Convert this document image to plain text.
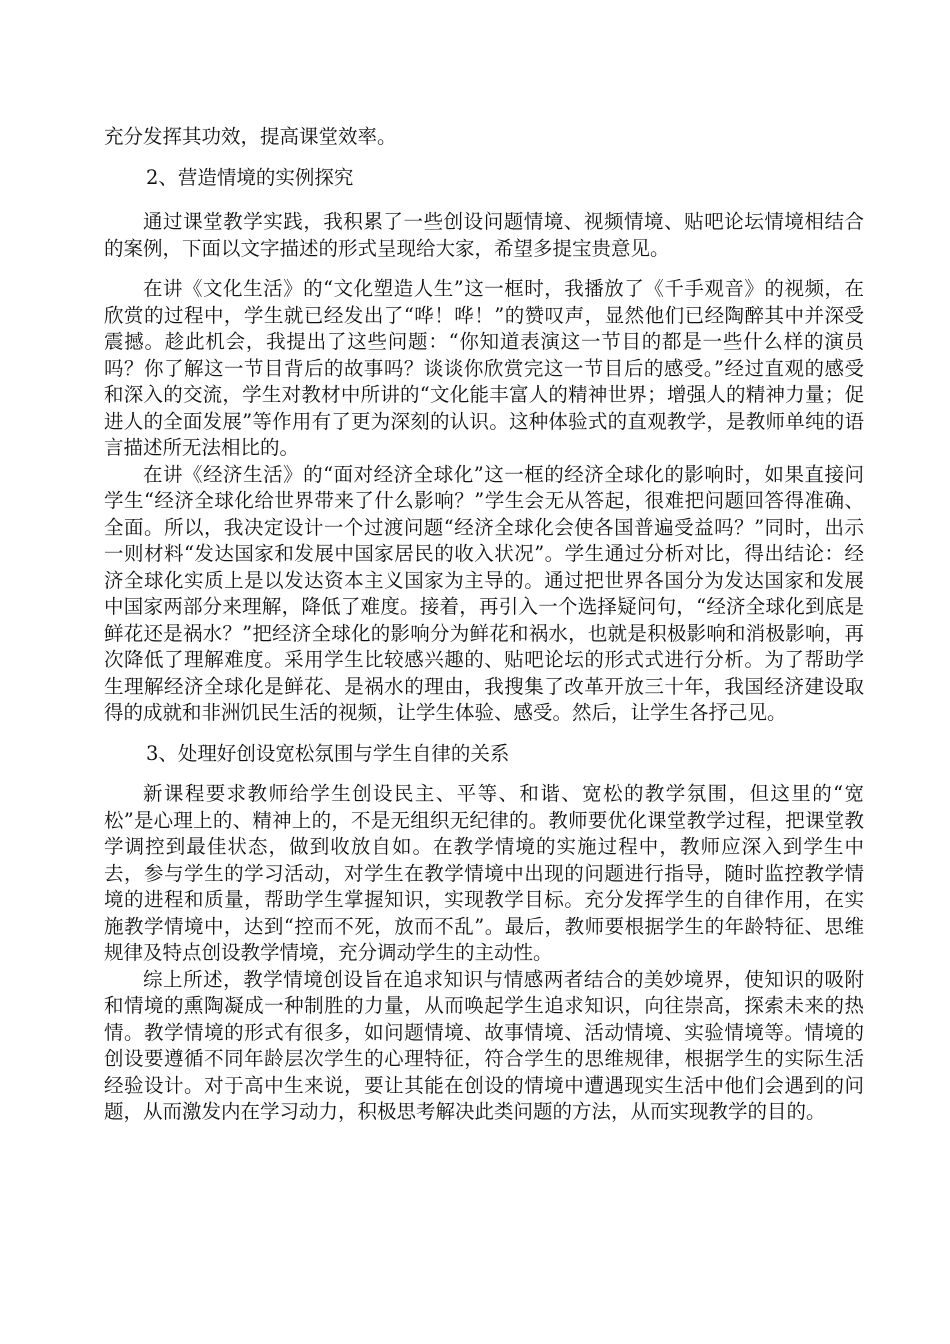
充分发挥其功效，提高课堂效率。

2、营造情境的实例探究

通过课堂教学实践，我积累了一些创设问题情境、视频情境、贴吧论坛情境相结合的案例，下面以文字描述的形式呈现给大家，希望多提宝贵意见。

在讲《文化生活》的“文化塑造人生”这一框时，我播放了《千手观音》的视频，在欣赏的过程中，学生就已经发出了“哗！哗！”的赞叹声，显然他们已经陶醉其中并深受震撼。趁此机会，我提出了这些问题：“你知道表演这一节目的都是一些什么样的演员吗？你了解这一节目背后的故事吗？谈谈你欣赏完这一节目后的感受。”经过直观的感受和深入的交流，学生对教材中所讲的“文化能丰富人的精神世界；增强人的精神力量；促进人的全面发展”等作用有了更为深刻的认识。这种体验式的直观教学，是教师单纯的语言描述所无法相比的。

在讲《经济生活》的“面对经济全球化”这一框的经济全球化的影响时，如果直接问学生“经济全球化给世界带来了什么影响？”学生会无从答起，很难把问题回答得准确、全面。所以，我决定设计一个过渡问题“经济全球化会使各国普遍受益吗？”同时，出示一则材料“发达国家和发展中国家居民的收入状况”。学生通过分析对比，得出结论：经济全球化实质上是以发达资本主义国家为主导的。通过把世界各国分为发达国家和发展中国家两部分来理解，降低了难度。接着，再引入一个选择疑问句，“经济全球化到底是鲜花还是祸水？”把经济全球化的影响分为鲜花和祸水，也就是积极影响和消极影响，再次降低了理解难度。采用学生比较感兴趣的、贴吧论坛的形式式进行分析。为了帮助学生理解经济全球化是鲜花、是祸水的理由，我搜集了改革开放三十年，我国经济建设取得的成就和非洲饥民生活的视频，让学生体验、感受。然后，让学生各抒己见。

3、处理好创设宽松氛围与学生自律的关系

新课程要求教师给学生创设民主、平等、和谐、宽松的教学氛围，但这里的“宽松”是心理上的、精神上的，不是无组织无纪律的。教师要优化课堂教学过程，把课堂教学调控到最佳状态，做到收放自如。在教学情境的实施过程中，教师应深入到学生中去，参与学生的学习活动，对学生在教学情境中出现的问题进行指导，随时监控教学情境的进程和质量，帮助学生掌握知识，实现教学目标。充分发挥学生的自律作用，在实施教学情境中，达到“控而不死，放而不乱”。最后，教师要根据学生的年龄特征、思维规律及特点创设教学情境，充分调动学生的主动性。

综上所述，教学情境创设旨在追求知识与情感两者结合的美妙境界，使知识的吸附和情境的熏陶凝成一种制胜的力量，从而唤起学生追求知识，向往崇高，探索未来的热情。教学情境的形式有很多，如问题情境、故事情境、活动情境、实验情境等。情境的创设要遵循不同年龄层次学生的心理特征，符合学生的思维规律，根据学生的实际生活经验设计。对于高中生来说，要让其能在创设的情境中遭遇现实生活中他们会遇到的问题，从而激发内在学习动力，积极思考解决此类问题的方法，从而实现教学的目的。
